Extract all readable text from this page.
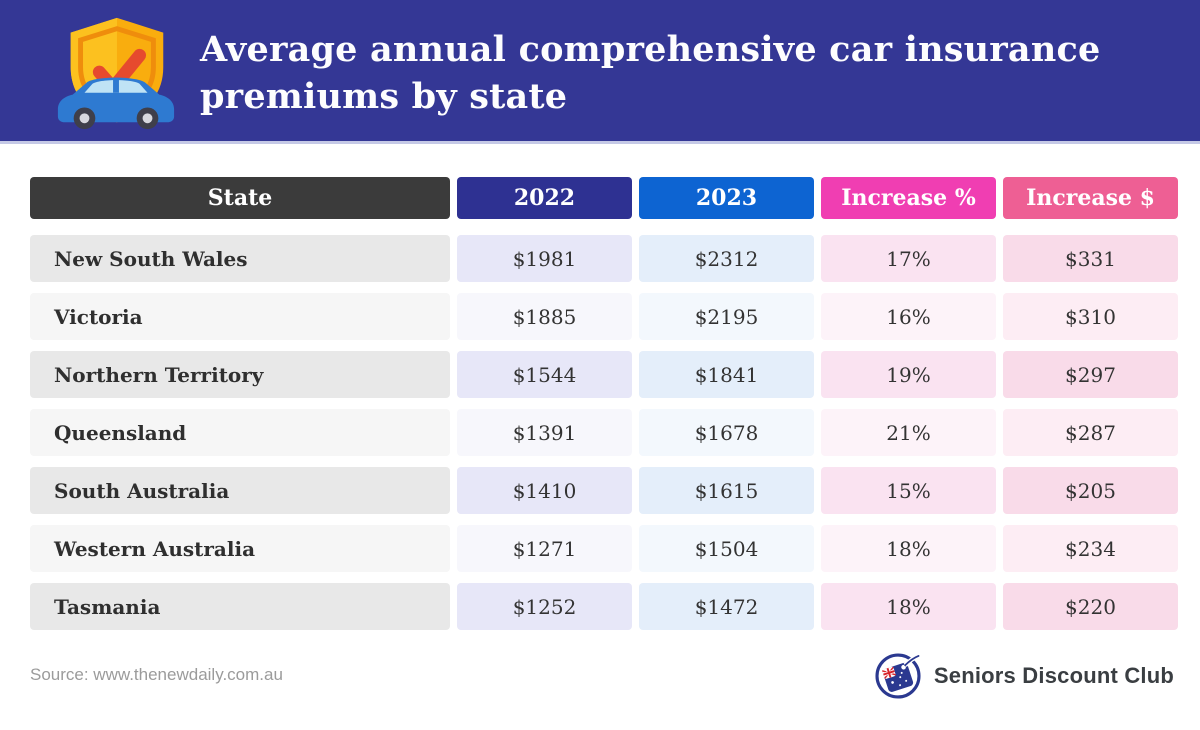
Average annual comprehensive car insurance
premiums by state
State	2022	2023	Increase %	Increase $
New South Wales	$1981	$2312	17%	$331
Victoria	$1885	$2195	16%	$310
Northern Territory	$1544	$1841	19%	$297
Queensland	$1391	$1678	21%	$287
South Australia	$1410	$1615	15%	$205
Western Australia	$1271	$1504	18%	$234
Tasmania	$1252	$1472	18%	$220
Source: www.thenewdaily.com.au	Seniors Discount Club
